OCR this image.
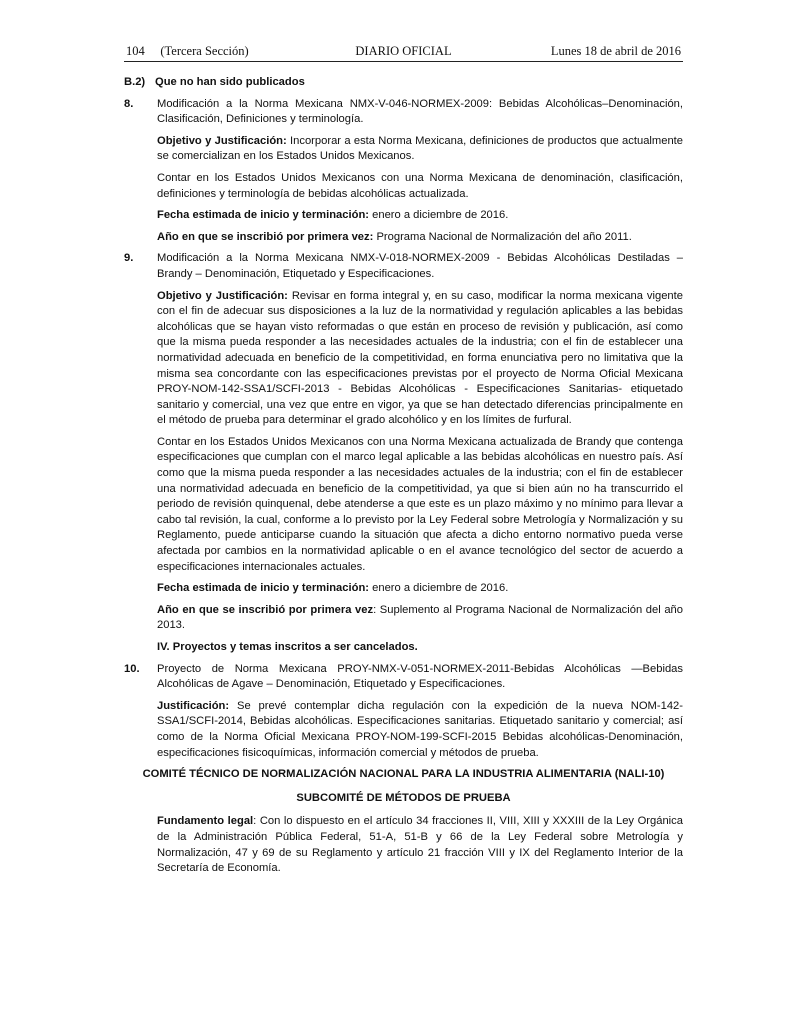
104     (Tercera Sección)	DIARIO OFICIAL	Lunes 18 de abril de 2016
B.2) Que no han sido publicados
8.	Modificación a la Norma Mexicana NMX-V-046-NORMEX-2009: Bebidas Alcohólicas–Denominación, Clasificación, Definiciones y terminología.

Objetivo y Justificación: Incorporar a esta Norma Mexicana, definiciones de productos que actualmente se comercializan en los Estados Unidos Mexicanos.

Contar en los Estados Unidos Mexicanos con una Norma Mexicana de denominación, clasificación, definiciones y terminología de bebidas alcohólicas actualizada.

Fecha estimada de inicio y terminación: enero a diciembre de 2016.

Año en que se inscribió por primera vez: Programa Nacional de Normalización del año 2011.

9.	Modificación a la Norma Mexicana NMX-V-018-NORMEX-2009 - Bebidas Alcohólicas Destiladas – Brandy – Denominación, Etiquetado y Especificaciones.

Objetivo y Justificación: Revisar en forma integral y, en su caso, modificar la norma mexicana vigente con el fin de adecuar sus disposiciones a la luz de la normatividad y regulación aplicables a las bebidas alcohólicas que se hayan visto reformadas o que están en proceso de revisión y publicación, así como que la misma pueda responder a las necesidades actuales de la industria; con el fin de establecer una normatividad adecuada en beneficio de la competitividad, en forma enunciativa pero no limitativa que la misma sea concordante con las especificaciones previstas por el proyecto de Norma Oficial Mexicana PROY-NOM-142-SSA1/SCFI-2013 - Bebidas Alcohólicas - Especificaciones Sanitarias- etiquetado sanitario y comercial, una vez que entre en vigor, ya que se han detectado diferencias principalmente en el método de prueba para determinar el grado alcohólico y en los límites de furfural.

Contar en los Estados Unidos Mexicanos con una Norma Mexicana actualizada de Brandy que contenga especificaciones que cumplan con el marco legal aplicable a las bebidas alcohólicas en nuestro país. Así como que la misma pueda responder a las necesidades actuales de la industria; con el fin de establecer una normatividad adecuada en beneficio de la competitividad, ya que si bien aún no ha transcurrido el periodo de revisión quinquenal, debe atenderse a que este es un plazo máximo y no mínimo para llevar a cabo tal revisión, la cual, conforme a lo previsto por la Ley Federal sobre Metrología y Normalización y su Reglamento, puede anticiparse cuando la situación que afecta a dicho entorno normativo pueda verse afectada por cambios en la normatividad aplicable o en el avance tecnológico del sector de acuerdo a especificaciones internacionales actuales.

Fecha estimada de inicio y terminación: enero a diciembre de 2016.

Año en que se inscribió por primera vez: Suplemento al Programa Nacional de Normalización del año 2013.

IV. Proyectos y temas inscritos a ser cancelados.

10.	Proyecto de Norma Mexicana PROY-NMX-V-051-NORMEX-2011-Bebidas Alcohólicas —Bebidas Alcohólicas de Agave – Denominación, Etiquetado y Especificaciones.

Justificación: Se prevé contemplar dicha regulación con la expedición de la nueva NOM-142-SSA1/SCFI-2014, Bebidas alcohólicas. Especificaciones sanitarias. Etiquetado sanitario y comercial; así como de la Norma Oficial Mexicana PROY-NOM-199-SCFI-2015 Bebidas alcohólicas-Denominación, especificaciones fisicoquímicas, información comercial y métodos de prueba.

COMITÉ TÉCNICO DE NORMALIZACIÓN NACIONAL PARA LA INDUSTRIA ALIMENTARIA (NALI-10)

SUBCOMITÉ DE MÉTODOS DE PRUEBA

Fundamento legal: Con lo dispuesto en el artículo 34 fracciones II, VIII, XIII y XXXIII de la Ley Orgánica de la Administración Pública Federal, 51-A, 51-B y 66 de la Ley Federal sobre Metrología y Normalización, 47 y 69 de su Reglamento y artículo 21 fracción VIII y IX del Reglamento Interior de la Secretaría de Economía.
